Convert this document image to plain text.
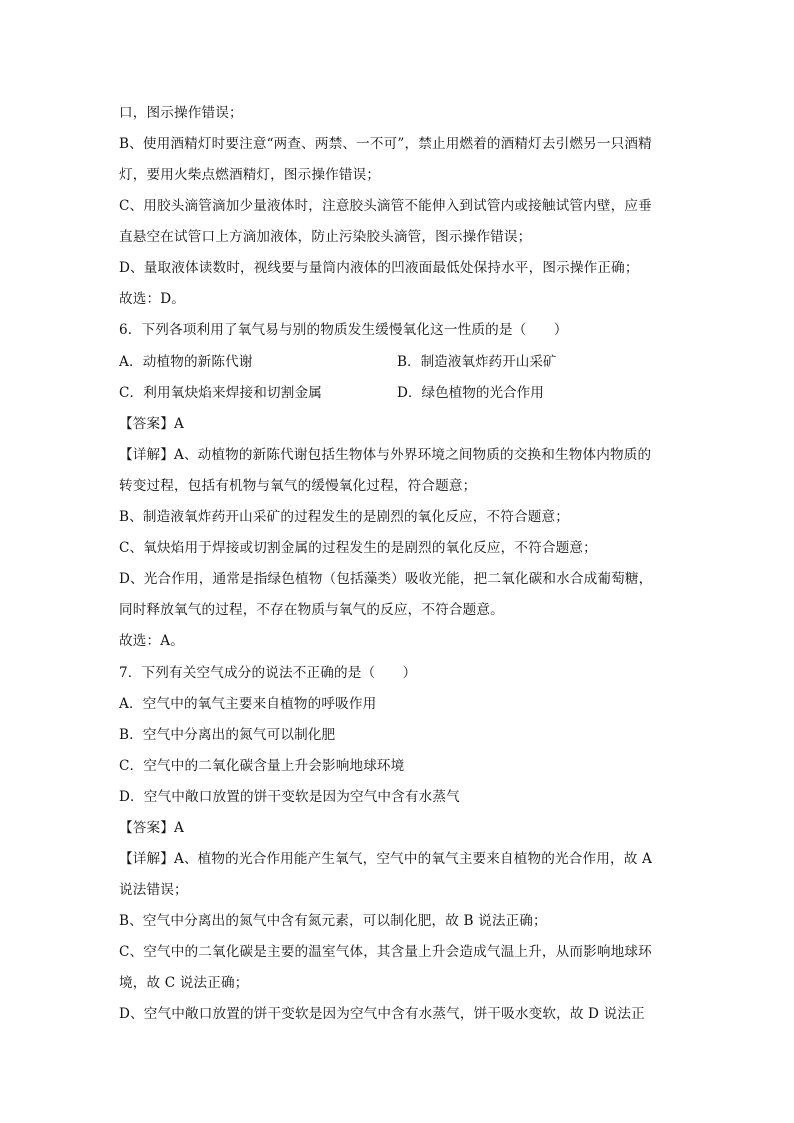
口，图示操作错误；
B、使用酒精灯时要注意“两查、两禁、一不可”，禁止用燃着的酒精灯去引燃另一只酒精
灯，要用火柴点燃酒精灯，图示操作错误；
C、用胶头滴管滴加少量液体时，注意胶头滴管不能伸入到试管内或接触试管内壁，应垂
直悬空在试管口上方滴加液体，防止污染胶头滴管，图示操作错误；
D、量取液体读数时，视线要与量筒内液体的凹液面最低处保持水平，图示操作正确；
故选：D。
6．下列各项利用了氧气易与别的物质发生缓慢氧化这一性质的是（　　）
A．动植物的新陈代谢	B．制造液氧炸药开山采矿
C．利用氧炔焰来焊接和切割金属	D．绿色植物的光合作用
【答案】A
【详解】A、动植物的新陈代谢包括生物体与外界环境之间物质的交换和生物体内物质的
转变过程，包括有机物与氧气的缓慢氧化过程，符合题意；
B、制造液氧炸药开山采矿的过程发生的是剧烈的氧化反应，不符合题意；
C、氧炔焰用于焊接或切割金属的过程发生的是剧烈的氧化反应，不符合题意；
D、光合作用，通常是指绿色植物（包括藻类）吸收光能，把二氧化碳和水合成葡萄糖，
同时释放氧气的过程，不存在物质与氧气的反应，不符合题意。
故选：A。
7．下列有关空气成分的说法不正确的是（　　）
A．空气中的氧气主要来自植物的呼吸作用
B．空气中分离出的氮气可以制化肥
C．空气中的二氧化碳含量上升会影响地球环境
D．空气中敞口放置的饼干变软是因为空气中含有水蒸气
【答案】A
【详解】A、植物的光合作用能产生氧气，空气中的氧气主要来自植物的光合作用，故 A
说法错误；
B、空气中分离出的氮气中含有氮元素，可以制化肥，故 B 说法正确；
C、空气中的二氧化碳是主要的温室气体，其含量上升会造成气温上升，从而影响地球环
境，故 C 说法正确；
D、空气中敞口放置的饼干变软是因为空气中含有水蒸气，饼干吸水变软，故 D 说法正
